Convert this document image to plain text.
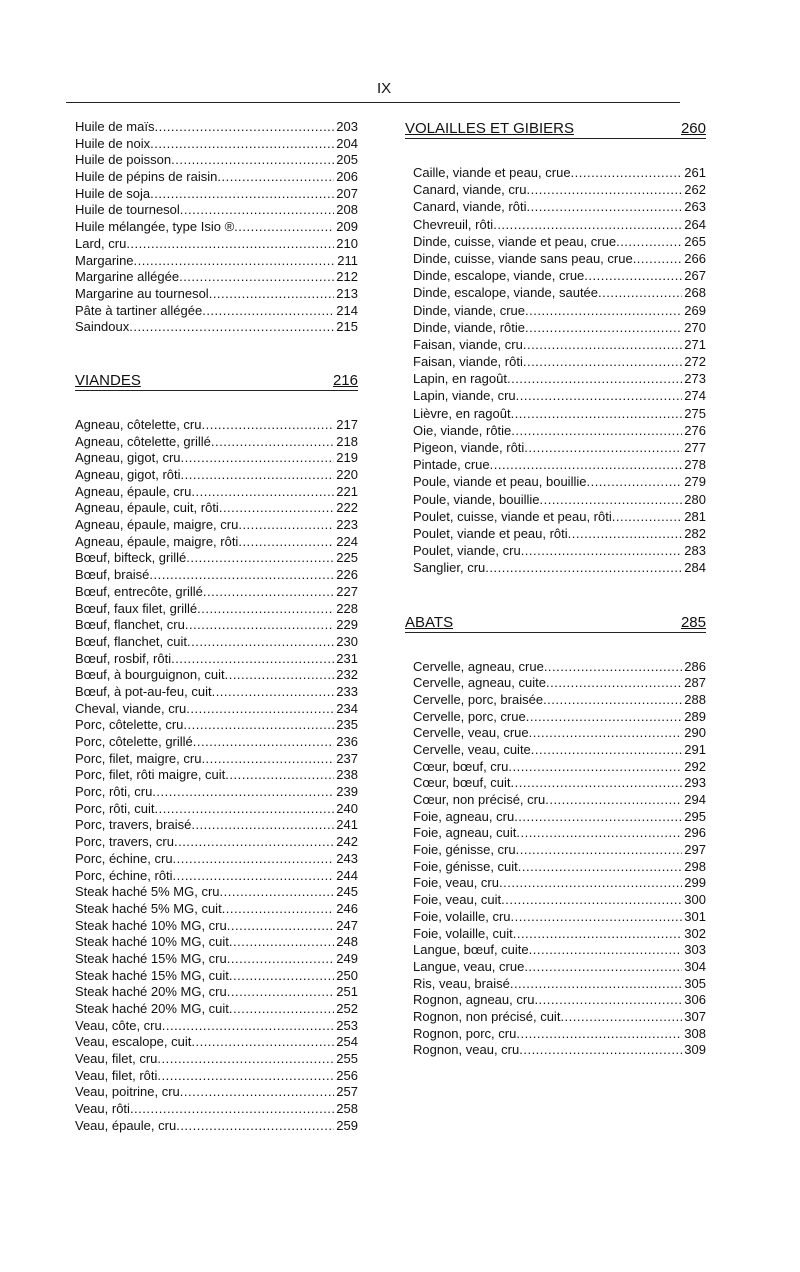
IX
Huile de maïs .....	203
Huile de noix .....	204
Huile de poisson .....	205
Huile de pépins de raisin .....	206
Huile de soja .....	207
Huile de tournesol .....	208
Huile mélangée, type Isio ® .....	209
Lard, cru .....	210
Margarine .....	211
Margarine allégée .....	212
Margarine au tournesol .....	213
Pâte à tartiner allégée .....	214
Saindoux .....	215
VIANDES	216
Agneau, côtelette, cru .....	217
Agneau, côtelette, grillé .....	218
Agneau, gigot, cru .....	219
Agneau, gigot, rôti .....	220
Agneau, épaule, cru .....	221
Agneau, épaule, cuit, rôti .....	222
Agneau, épaule, maigre, cru .....	223
Agneau, épaule, maigre, rôti .....	224
Bœuf, bifteck, grillé .....	225
Bœuf, braisé .....	226
Bœuf, entrecôte, grillé .....	227
Bœuf, faux filet, grillé .....	228
Bœuf, flanchet, cru .....	229
Bœuf, flanchet, cuit .....	230
Bœuf, rosbif, rôti .....	231
Bœuf, à bourguignon, cuit .....	232
Bœuf, à pot-au-feu, cuit .....	233
Cheval, viande, cru .....	234
Porc, côtelette, cru .....	235
Porc, côtelette, grillé .....	236
Porc, filet, maigre, cru .....	237
Porc, filet, rôti maigre, cuit .....	238
Porc, rôti, cru .....	239
Porc, rôti, cuit .....	240
Porc, travers, braisé .....	241
Porc, travers, cru .....	242
Porc, échine, cru .....	243
Porc, échine, rôti .....	244
Steak haché 5% MG, cru .....	245
Steak haché 5% MG, cuit .....	246
Steak haché 10% MG, cru .....	247
Steak haché 10% MG, cuit .....	248
Steak haché 15% MG, cru .....	249
Steak haché 15% MG, cuit .....	250
Steak haché 20% MG, cru .....	251
Steak haché 20% MG, cuit .....	252
Veau, côte, cru .....	253
Veau, escalope, cuit .....	254
Veau, filet, cru .....	255
Veau, filet, rôti .....	256
Veau, poitrine, cru .....	257
Veau, rôti .....	258
Veau, épaule, cru .....	259
VOLAILLES ET GIBIERS	260
Caille, viande et peau, crue .....	261
Canard, viande, cru .....	262
Canard, viande, rôti .....	263
Chevreuil, rôti .....	264
Dinde, cuisse, viande et peau, crue .....	265
Dinde, cuisse, viande sans peau, crue .....	266
Dinde, escalope, viande, crue .....	267
Dinde, escalope, viande, sautée .....	268
Dinde, viande, crue .....	269
Dinde, viande, rôtie .....	270
Faisan, viande, cru .....	271
Faisan, viande, rôti .....	272
Lapin, en ragoût .....	273
Lapin, viande, cru .....	274
Lièvre, en ragoût .....	275
Oie, viande, rôtie .....	276
Pigeon, viande, rôti .....	277
Pintade, crue .....	278
Poule, viande et peau, bouillie .....	279
Poule, viande, bouillie .....	280
Poulet, cuisse, viande et peau, rôti .....	281
Poulet, viande et peau, rôti .....	282
Poulet, viande, cru .....	283
Sanglier, cru .....	284
ABATS	285
Cervelle, agneau, crue .....	286
Cervelle, agneau, cuite .....	287
Cervelle, porc, braisée .....	288
Cervelle, porc, crue .....	289
Cervelle, veau, crue .....	290
Cervelle, veau, cuite .....	291
Cœur, bœuf, cru .....	292
Cœur, bœuf, cuit .....	293
Cœur, non précisé, cru .....	294
Foie, agneau, cru .....	295
Foie, agneau, cuit .....	296
Foie, génisse, cru .....	297
Foie, génisse, cuit .....	298
Foie, veau, cru .....	299
Foie, veau, cuit .....	300
Foie, volaille, cru .....	301
Foie, volaille, cuit .....	302
Langue, bœuf, cuite .....	303
Langue, veau, crue .....	304
Ris, veau, braisé .....	305
Rognon, agneau, cru .....	306
Rognon, non précisé, cuit .....	307
Rognon, porc, cru .....	308
Rognon, veau, cru .....	309
